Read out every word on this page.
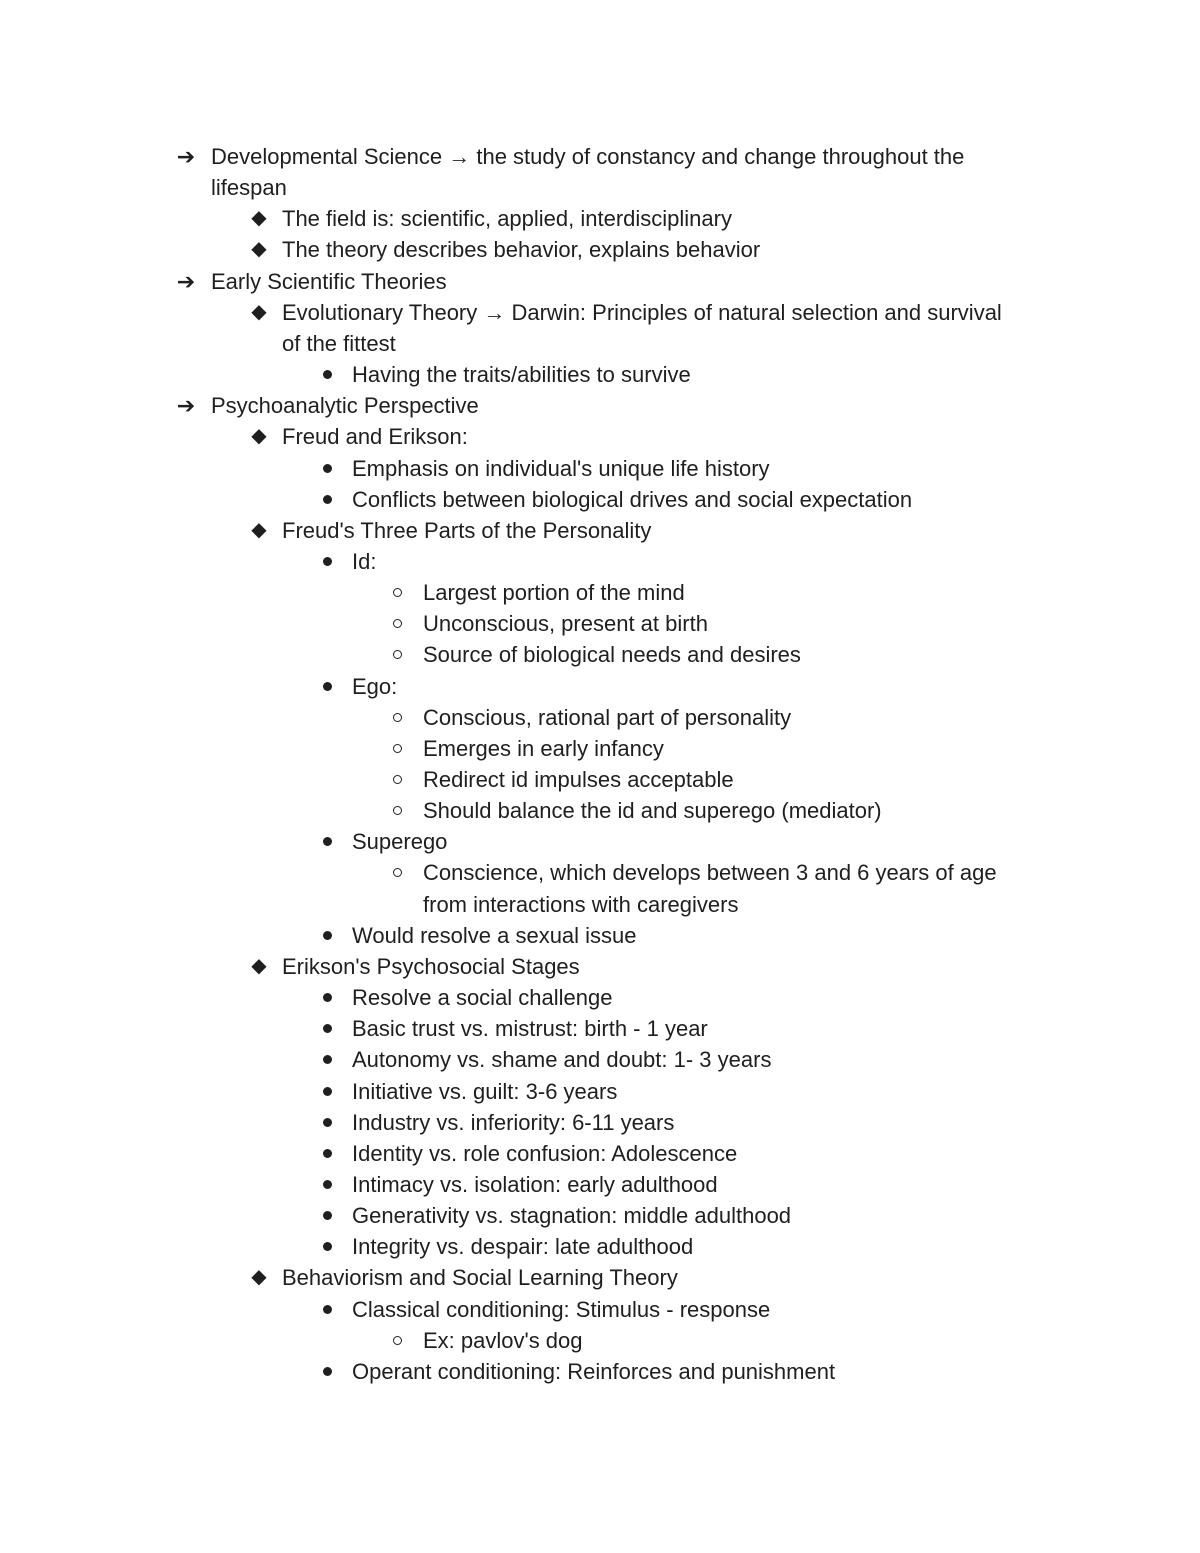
➔ Developmental Science → the study of constancy and change throughout the
lifespan
◆ The field is: scientific, applied, interdisciplinary
◆ The theory describes behavior, explains behavior
➔ Early Scientific Theories
◆ Evolutionary Theory → Darwin: Principles of natural selection and survival
of the fittest
Having the traits/abilities to survive
➔ Psychoanalytic Perspective
◆ Freud and Erikson:
Emphasis on individual's unique life history
Conflicts between biological drives and social expectation
◆ Freud's Three Parts of the Personality
Id:
Largest portion of the mind
Unconscious, present at birth
Source of biological needs and desires
Ego:
Conscious, rational part of personality
Emerges in early infancy
Redirect id impulses acceptable
Should balance the id and superego (mediator)
Superego
Conscience, which develops between 3 and 6 years of age
from interactions with caregivers
Would resolve a sexual issue
◆ Erikson's Psychosocial Stages
Resolve a social challenge
Basic trust vs. mistrust: birth - 1 year
Autonomy vs. shame and doubt: 1- 3 years
Initiative vs. guilt: 3-6 years
Industry vs. inferiority: 6-11 years
Identity vs. role confusion: Adolescence
Intimacy vs. isolation: early adulthood
Generativity vs. stagnation: middle adulthood
Integrity vs. despair: late adulthood
◆ Behaviorism and Social Learning Theory
Classical conditioning: Stimulus - response
Ex: pavlov's dog
Operant conditioning: Reinforces and punishment
